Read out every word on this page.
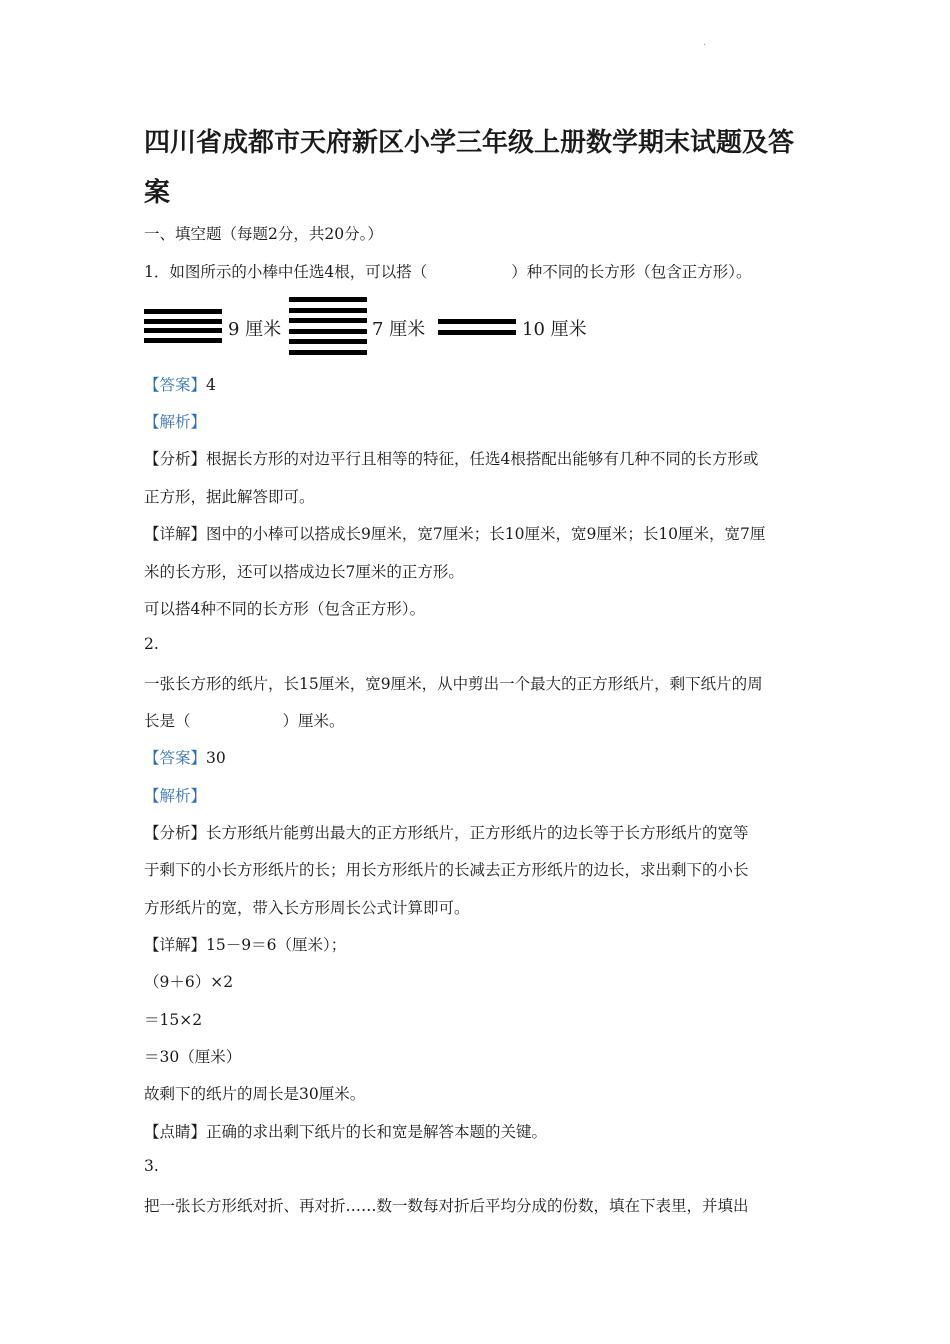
·
四川省成都市天府新区小学三年级上册数学期末试题及答案
一、填空题（每题2分，共20分。）
1．如图所示的小棒中任选4根，可以搭（	）种不同的长方形（包含正方形）。
9 厘米	7 厘米	10 厘米
【答案】4
【解析】
【分析】根据长方形的对边平行且相等的特征，任选4根搭配出能够有几种不同的长方形或
正方形，据此解答即可。
【详解】图中的小棒可以搭成长9厘米，宽7厘米；长10厘米，宽9厘米；长10厘米，宽7厘
米的长方形，还可以搭成边长7厘米的正方形。
可以搭4种不同的长方形（包含正方形）。
2.
一张长方形的纸片，长15厘米，宽9厘米，从中剪出一个最大的正方形纸片，剩下纸片的周
长是（	）厘米。
【答案】30
【解析】
【分析】长方形纸片能剪出最大的正方形纸片，正方形纸片的边长等于长方形纸片的宽等
于剩下的小长方形纸片的长；用长方形纸片的长减去正方形纸片的边长，求出剩下的小长
方形纸片的宽，带入长方形周长公式计算即可。
【详解】15－9＝6（厘米）；
（9＋6）×2
＝15×2
＝30（厘米）
故剩下的纸片的周长是30厘米。
【点睛】正确的求出剩下纸片的长和宽是解答本题的关键。
3.
把一张长方形纸对折、再对折……数一数每对折后平均分成的份数，填在下表里，并填出
